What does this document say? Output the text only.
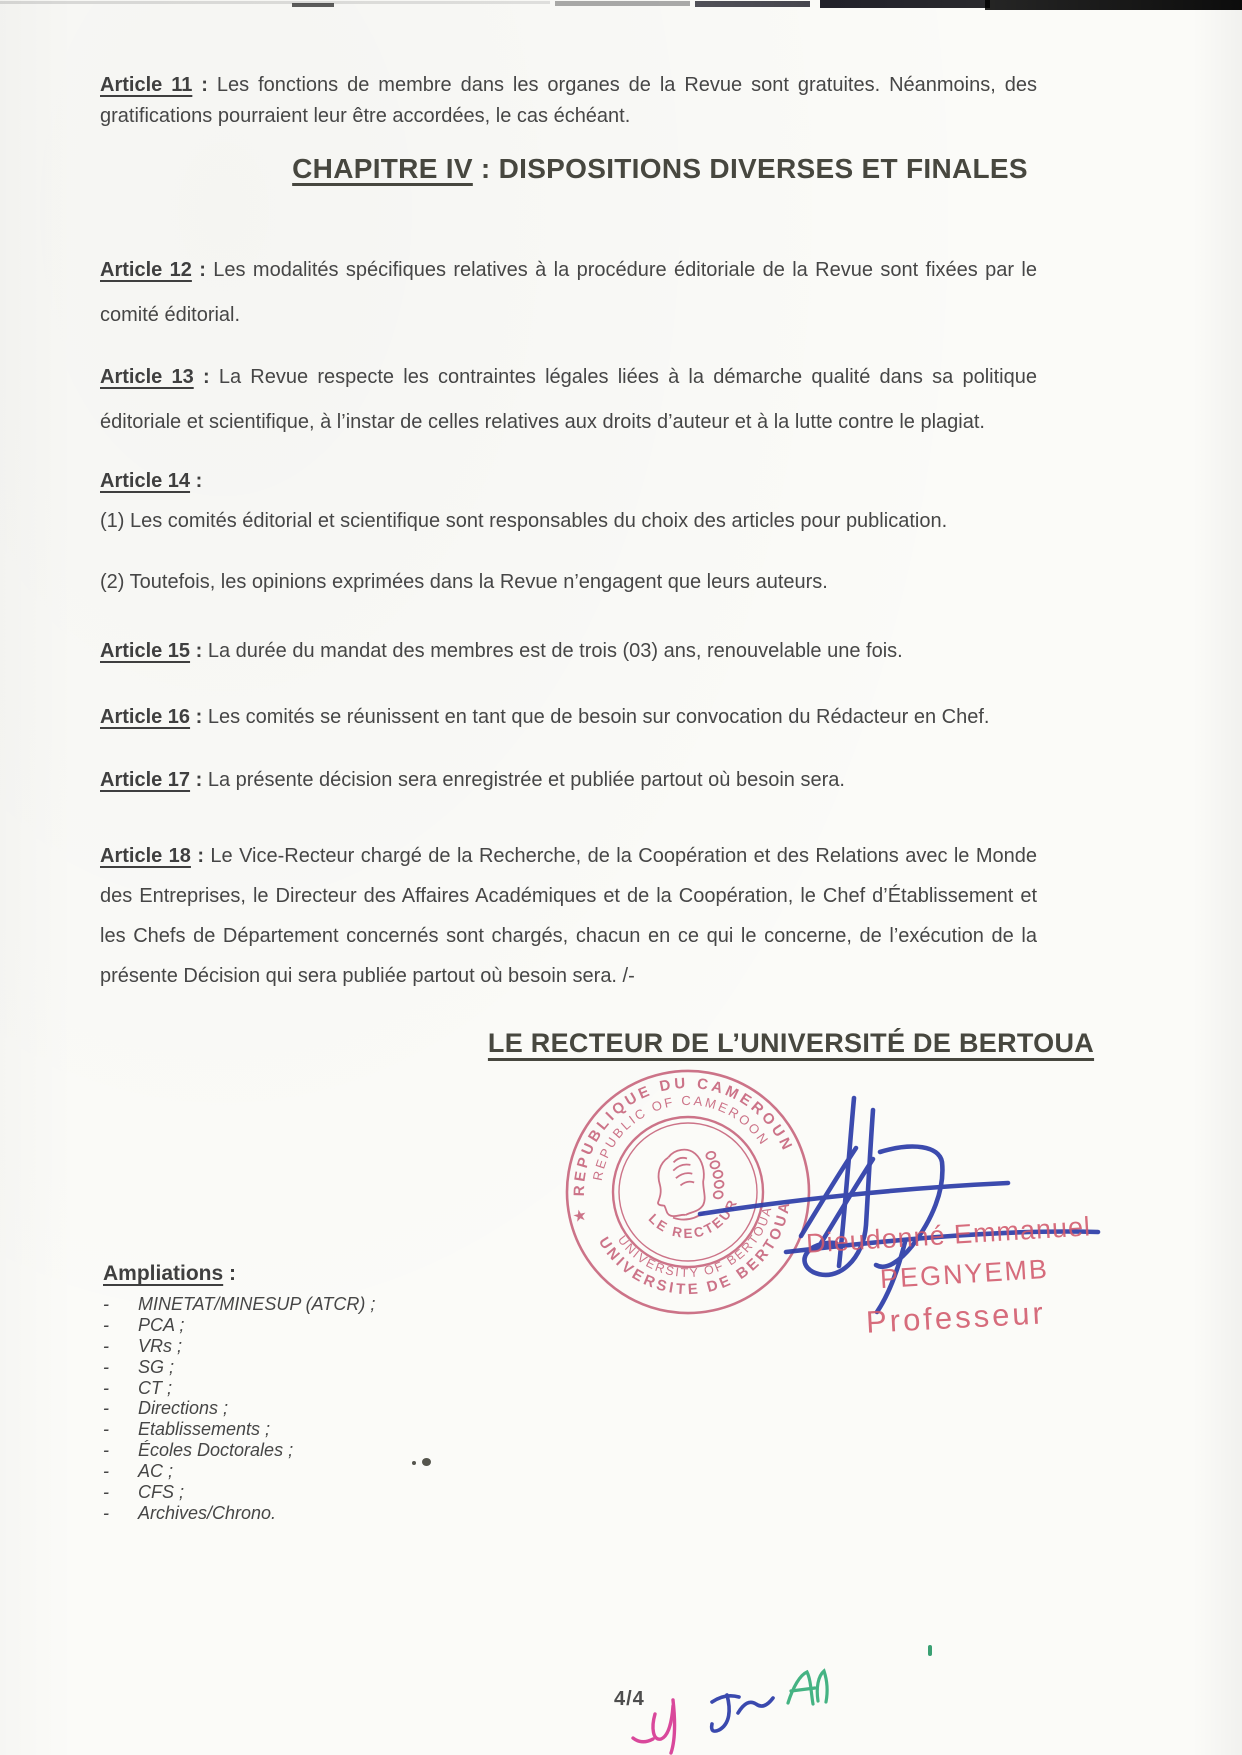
Article 11 : Les fonctions de membre dans les organes de la Revue sont gratuites. Néanmoins, des gratifications pourraient leur être accordées, le cas échéant.

CHAPITRE IV : DISPOSITIONS DIVERSES ET FINALES

Article 12 : Les modalités spécifiques relatives à la procédure éditoriale de la Revue sont fixées par le comité éditorial.

Article 13 : La Revue respecte les contraintes légales liées à la démarche qualité dans sa politique éditoriale et scientifique, à l’instar de celles relatives aux droits d’auteur et à la lutte contre le plagiat.

Article 14 :

(1) Les comités éditorial et scientifique sont responsables du choix des articles pour publication.

(2) Toutefois, les opinions exprimées dans la Revue n’engagent que leurs auteurs.

Article 15 : La durée du mandat des membres est de trois (03) ans, renouvelable une fois.

Article 16 : Les comités se réunissent en tant que de besoin sur convocation du Rédacteur en Chef.

Article 17 : La présente décision sera enregistrée et publiée partout où besoin sera.

Article 18 : Le Vice-Recteur chargé de la Recherche, de la Coopération et des Relations avec le Monde des Entreprises, le Directeur des Affaires Académiques et de la Coopération, le Chef d’Établissement et les Chefs de Département concernés sont chargés, chacun en ce qui le concerne, de l’exécution de la présente Décision qui sera publiée partout où besoin sera. /-

LE RECTEUR DE L’UNIVERSITÉ DE BERTOUA
REPUBLIQUE DU CAMEROUN
REPUBLIC OF CAMEROON
UNIVERSITE DE BERTOUA
UNIVERSITY OF BERTOUA
LE RECTEUR
★	Dieudonné Emmanuel
PEGNYEMB
Professeur
Ampliations :
-	MINETAT/MINESUP (ATCR) ;
-	PCA ;
-	VRs ;
-	SG ;
-	CT ;
-	Directions ;
-	Etablissements ;
-	Écoles Doctorales ;
-	AC ;
-	CFS ;
-	Archives/Chrono.
4/4
